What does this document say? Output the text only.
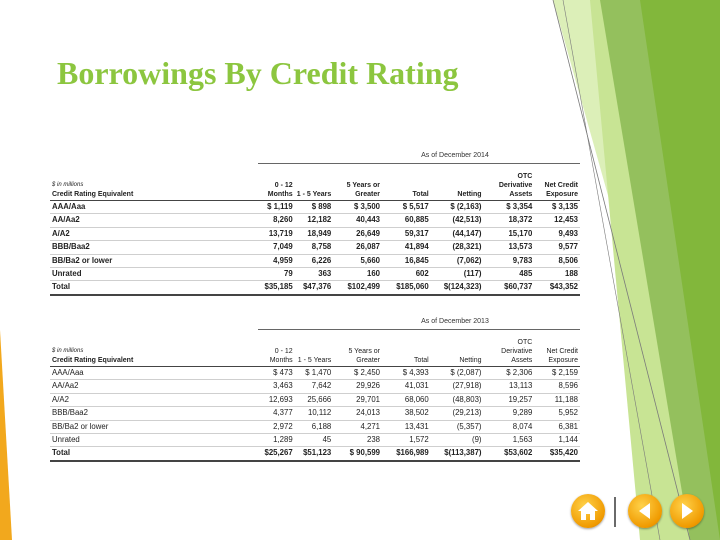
Borrowings By Credit Rating
As of December 2014
$ in millions
Credit Rating Equivalent	0 - 12 Months	1 - 5 Years	5 Years or Greater	Total	Netting	OTC Derivative Assets	Net Credit Exposure
AAA/Aaa	$ 1,119	$ 898	$ 3,500	$ 5,517	$ (2,163)	$ 3,354	$ 3,135
AA/Aa2	8,260	12,182	40,443	60,885	(42,513)	18,372	12,453
A/A2	13,719	18,949	26,649	59,317	(44,147)	15,170	9,493
BBB/Baa2	7,049	8,758	26,087	41,894	(28,321)	13,573	9,577
BB/Ba2 or lower	4,959	6,226	5,660	16,845	(7,062)	9,783	8,506
Unrated	79	363	160	602	(117)	485	188
Total	$35,185	$47,376	$102,499	$185,060	$(124,323)	$60,737	$43,352
As of December 2013
$ in millions
Credit Rating Equivalent	0 - 12 Months	1 - 5 Years	5 Years or Greater	Total	Netting	OTC Derivative Assets	Net Credit Exposure
AAA/Aaa	$ 473	$ 1,470	$ 2,450	$ 4,393	$ (2,087)	$ 2,306	$ 2,159
AA/Aa2	3,463	7,642	29,926	41,031	(27,918)	13,113	8,596
A/A2	12,693	25,666	29,701	68,060	(48,803)	19,257	11,188
BBB/Baa2	4,377	10,112	24,013	38,502	(29,213)	9,289	5,952
BB/Ba2 or lower	2,972	6,188	4,271	13,431	(5,357)	8,074	6,381
Unrated	1,289	45	238	1,572	(9)	1,563	1,144
Total	$25,267	$51,123	$ 90,599	$166,989	$(113,387)	$53,602	$35,420
